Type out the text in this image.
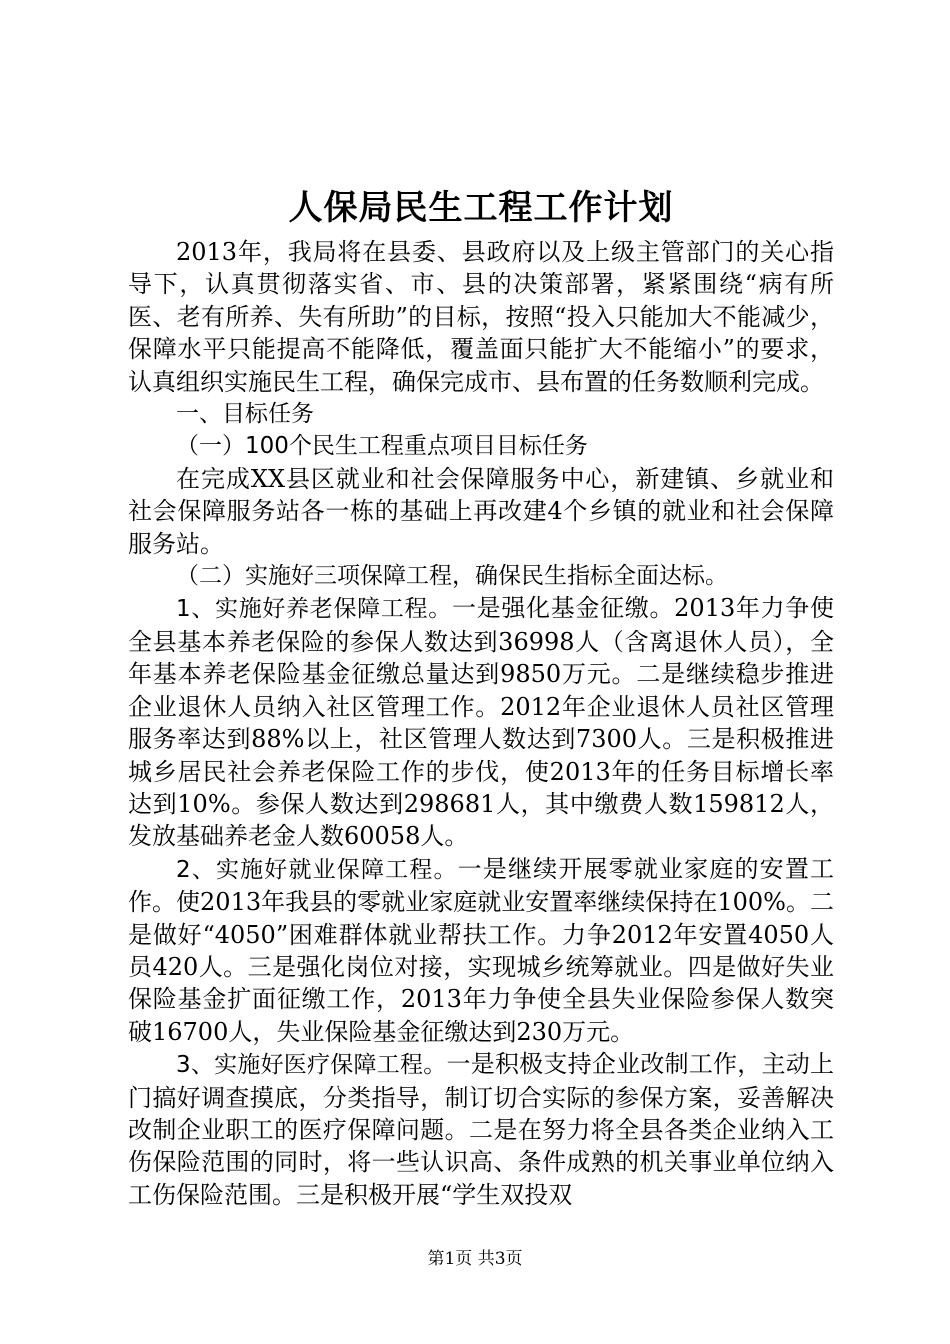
人保局民生工程工作计划

2013年，我局将在县委、县政府以及上级主管部门的关心指导下，认真贯彻落实省、市、县的决策部署，紧紧围绕“病有所医、老有所养、失有所助”的目标，按照“投入只能加大不能减少，保障水平只能提高不能降低，覆盖面只能扩大不能缩小”的要求，认真组织实施民生工程，确保完成市、县布置的任务数顺利完成。

一、目标任务

（一）100个民生工程重点项目目标任务

在完成XX县区就业和社会保障服务中心，新建镇、乡就业和社会保障服务站各一栋的基础上再改建4个乡镇的就业和社会保障服务站。

（二）实施好三项保障工程，确保民生指标全面达标。

1、实施好养老保障工程。一是强化基金征缴。2013年力争使全县基本养老保险的参保人数达到36998人（含离退休人员），全年基本养老保险基金征缴总量达到9850万元。二是继续稳步推进企业退休人员纳入社区管理工作。2012年企业退休人员社区管理服务率达到88%以上，社区管理人数达到7300人。三是积极推进城乡居民社会养老保险工作的步伐，使2013年的任务目标增长率达到10%。参保人数达到298681人，其中缴费人数159812人，发放基础养老金人数60058人。

2、实施好就业保障工程。一是继续开展零就业家庭的安置工作。使2013年我县的零就业家庭就业安置率继续保持在100%。二是做好“4050”困难群体就业帮扶工作。力争2012年安置4050人员420人。三是强化岗位对接，实现城乡统筹就业。四是做好失业保险基金扩面征缴工作，2013年力争使全县失业保险参保人数突破16700人，失业保险基金征缴达到230万元。

3、实施好医疗保障工程。一是积极支持企业改制工作，主动上门搞好调查摸底，分类指导，制订切合实际的参保方案，妥善解决改制企业职工的医疗保障问题。二是在努力将全县各类企业纳入工伤保险范围的同时，将一些认识高、条件成熟的机关事业单位纳入工伤保险范围。三是积极开展“学生双投双

第1页 共3页
